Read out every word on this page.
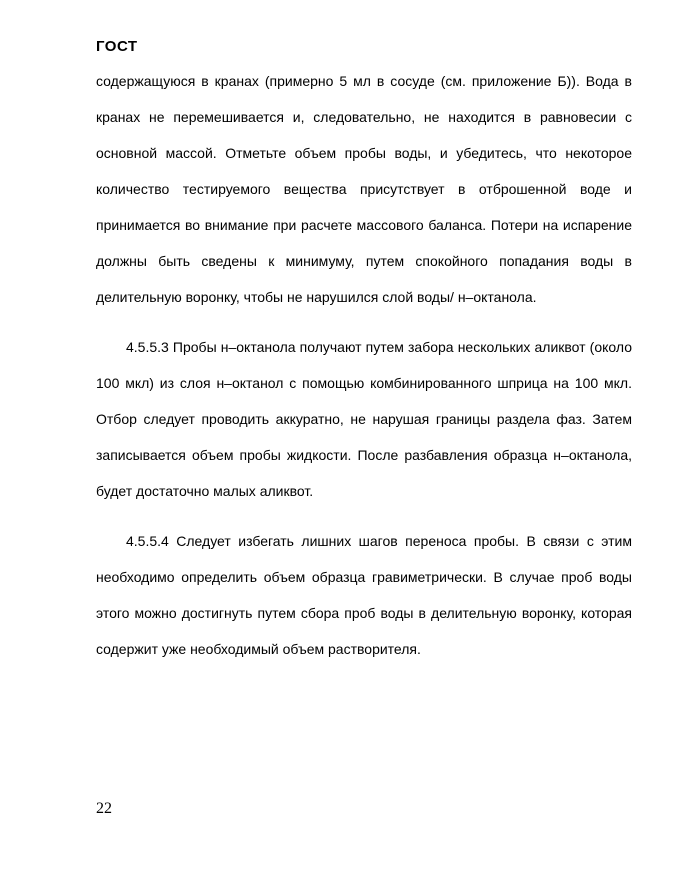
ГОСТ

содержащуюся в кранах (примерно 5 мл в сосуде (см. приложение Б)). Вода в кранах не перемешивается и, следовательно, не находится в равновесии с основной массой. Отметьте объем пробы воды, и убедитесь, что некоторое количество тестируемого вещества присутствует в отброшенной воде и принимается во внимание при расчете массового баланса. Потери на испарение должны быть сведены к минимуму, путем спокойного попадания воды в делительную воронку, чтобы не нарушился слой воды/ н–октанола.

4.5.5.3 Пробы н–октанола получают путем забора нескольких аликвот (около 100 мкл) из слоя н–октанол с помощью комбинированного шприца на 100 мкл. Отбор следует проводить аккуратно, не нарушая границы раздела фаз. Затем записывается объем пробы жидкости. После разбавления образца н–октанола, будет достаточно малых аликвот.

4.5.5.4 Следует избегать лишних шагов переноса пробы. В связи с этим необходимо определить объем образца гравиметрически. В случае проб воды этого можно достигнуть путем сбора проб воды в делительную воронку, которая содержит уже необходимый объем растворителя.

22
